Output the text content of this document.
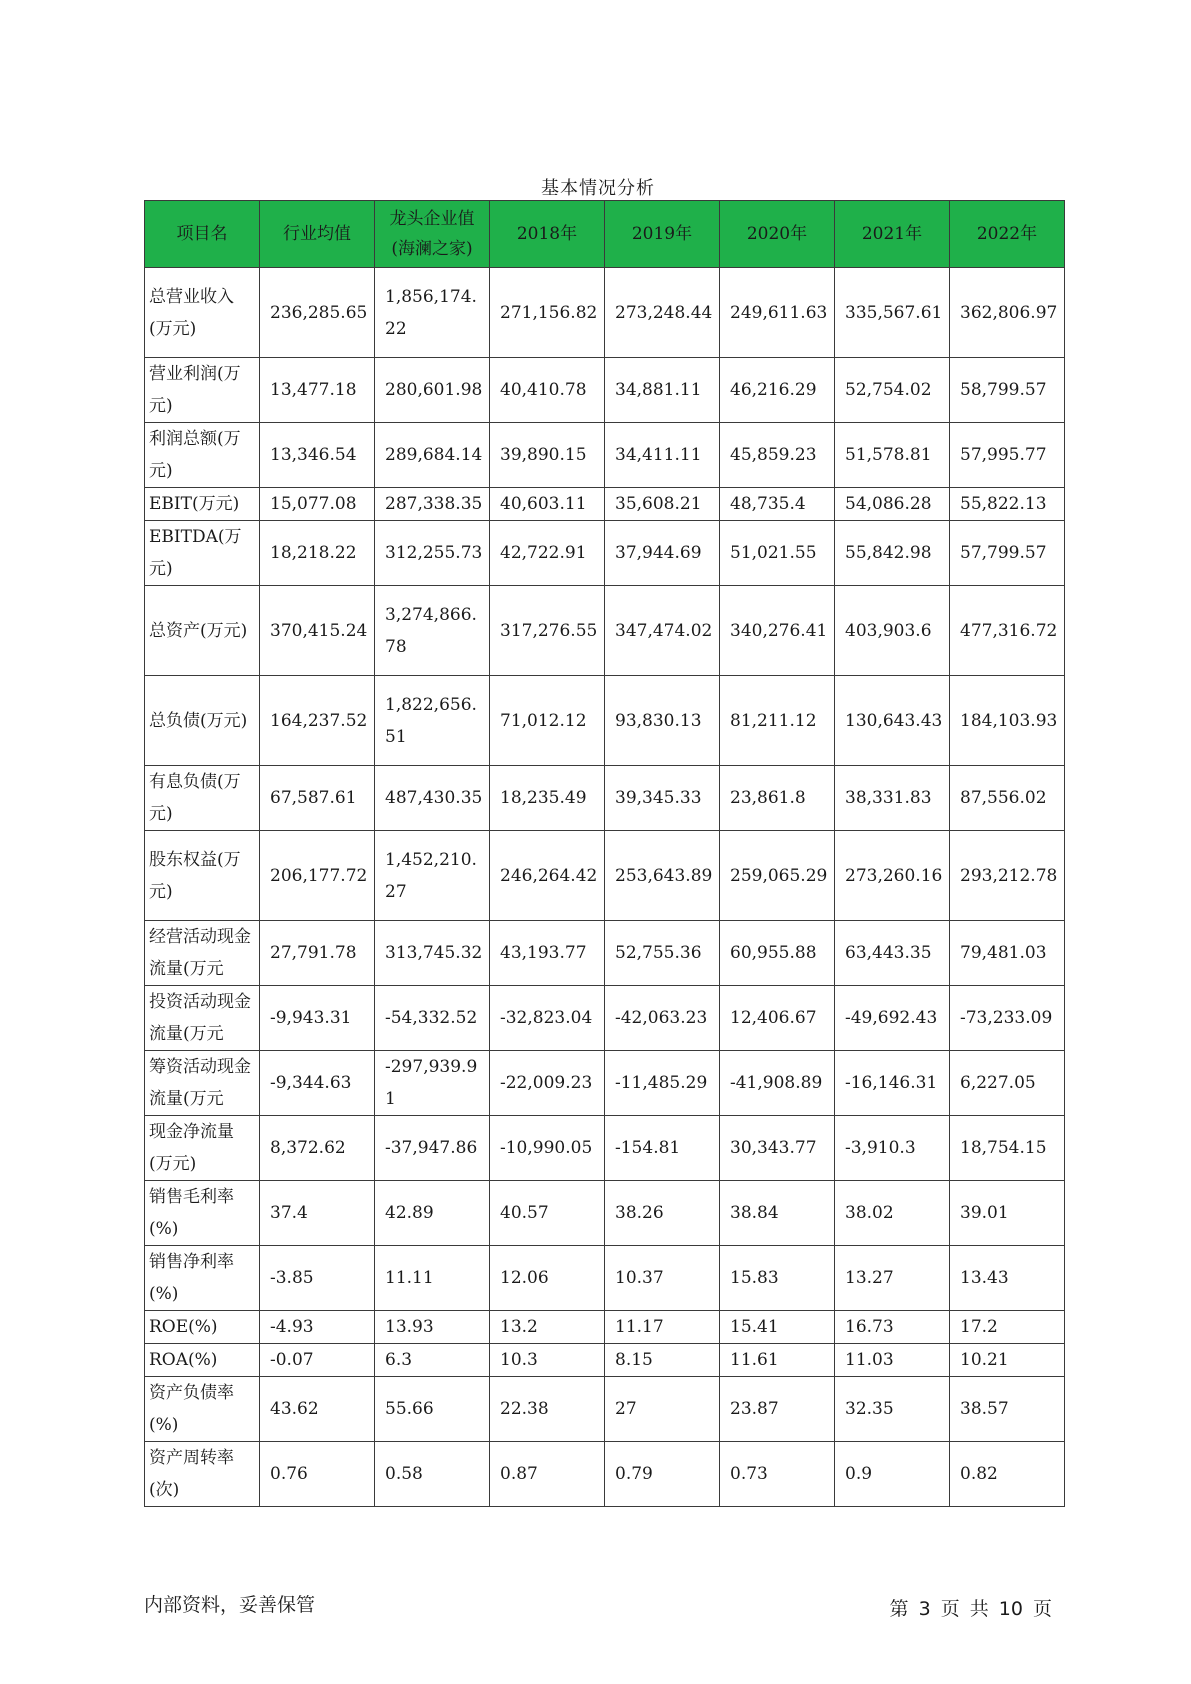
基本情况分析
项目名	行业均值	龙头企业值(海澜之家)	2018年	2019年	2020年	2021年	2022年
总营业收入(万元)	236,285.65	1,856,174.22	271,156.82	273,248.44	249,611.63	335,567.61	362,806.97
营业利润(万元)	13,477.18	280,601.98	40,410.78	34,881.11	46,216.29	52,754.02	58,799.57
利润总额(万元)	13,346.54	289,684.14	39,890.15	34,411.11	45,859.23	51,578.81	57,995.77
EBIT(万元)	15,077.08	287,338.35	40,603.11	35,608.21	48,735.4	54,086.28	55,822.13
EBITDA(万元)	18,218.22	312,255.73	42,722.91	37,944.69	51,021.55	55,842.98	57,799.57
总资产(万元)	370,415.24	3,274,866.78	317,276.55	347,474.02	340,276.41	403,903.6	477,316.72
总负债(万元)	164,237.52	1,822,656.51	71,012.12	93,830.13	81,211.12	130,643.43	184,103.93
有息负债(万元)	67,587.61	487,430.35	18,235.49	39,345.33	23,861.8	38,331.83	87,556.02
股东权益(万元)	206,177.72	1,452,210.27	246,264.42	253,643.89	259,065.29	273,260.16	293,212.78
经营活动现金流量(万元	27,791.78	313,745.32	43,193.77	52,755.36	60,955.88	63,443.35	79,481.03
投资活动现金流量(万元	-9,943.31	-54,332.52	-32,823.04	-42,063.23	12,406.67	-49,692.43	-73,233.09
筹资活动现金流量(万元	-9,344.63	-297,939.91	-22,009.23	-11,485.29	-41,908.89	-16,146.31	6,227.05
现金净流量(万元)	8,372.62	-37,947.86	-10,990.05	-154.81	30,343.77	-3,910.3	18,754.15
销售毛利率(%)	37.4	42.89	40.57	38.26	38.84	38.02	39.01
销售净利率(%)	-3.85	11.11	12.06	10.37	15.83	13.27	13.43
ROE(%)	-4.93	13.93	13.2	11.17	15.41	16.73	17.2
ROA(%)	-0.07	6.3	10.3	8.15	11.61	11.03	10.21
资产负债率(%)	43.62	55.66	22.38	27	23.87	32.35	38.57
资产周转率(次)	0.76	0.58	0.87	0.79	0.73	0.9	0.82
内部资料，妥善保管	第 3 页 共 10 页
